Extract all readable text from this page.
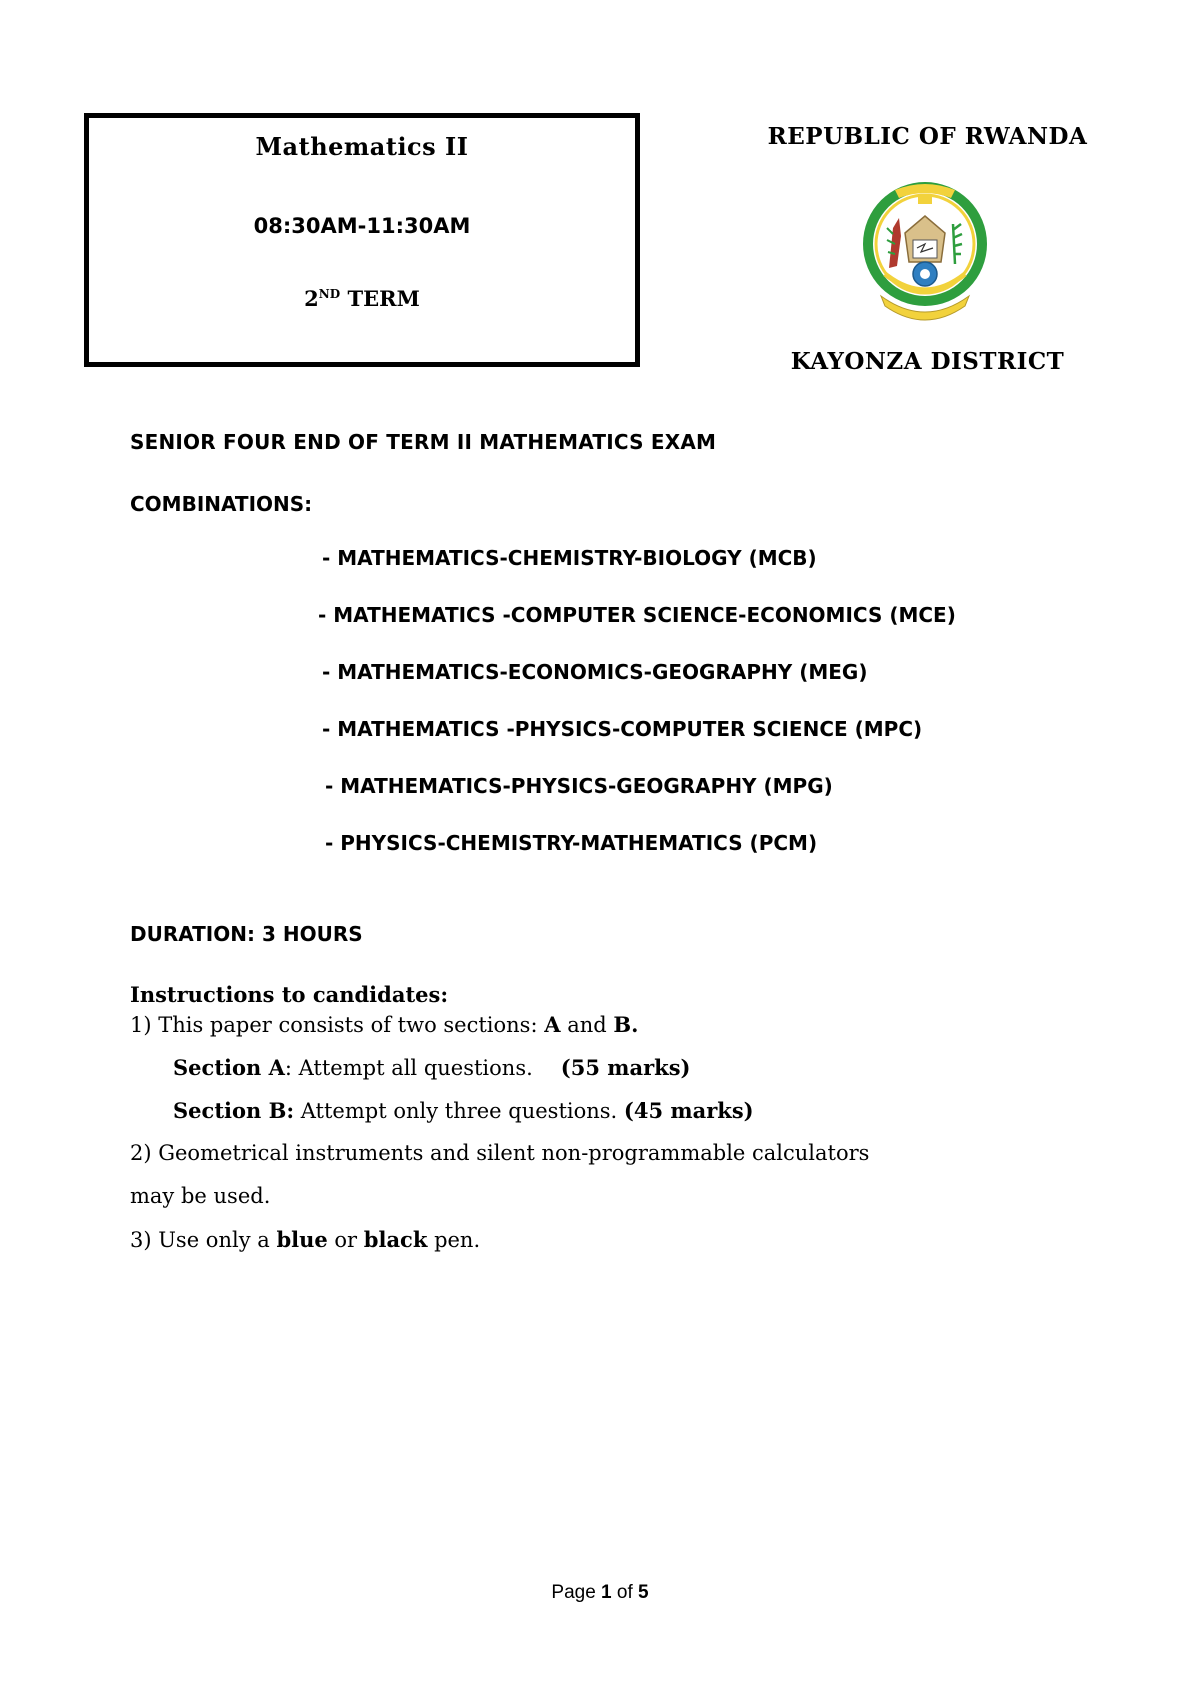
Mathematics II
08:30AM-11:30AM
2ND TERM
REPUBLIC OF RWANDA
KAYONZA DISTRICT
SENIOR FOUR END OF TERM II MATHEMATICS EXAM
COMBINATIONS:
- MATHEMATICS-CHEMISTRY-BIOLOGY (MCB)
- MATHEMATICS -COMPUTER SCIENCE-ECONOMICS (MCE)
- MATHEMATICS-ECONOMICS-GEOGRAPHY (MEG)
- MATHEMATICS -PHYSICS-COMPUTER SCIENCE (MPC)
- MATHEMATICS-PHYSICS-GEOGRAPHY (MPG)
- PHYSICS-CHEMISTRY-MATHEMATICS (PCM)
DURATION: 3 HOURS
Instructions to candidates:
1) This paper consists of two sections: A and B.
Section A: Attempt all questions. (55 marks)
Section B: Attempt only three questions. (45 marks)
2) Geometrical instruments and silent non-programmable calculators
may be used.
3) Use only a blue or black pen.
Page 1 of 5
